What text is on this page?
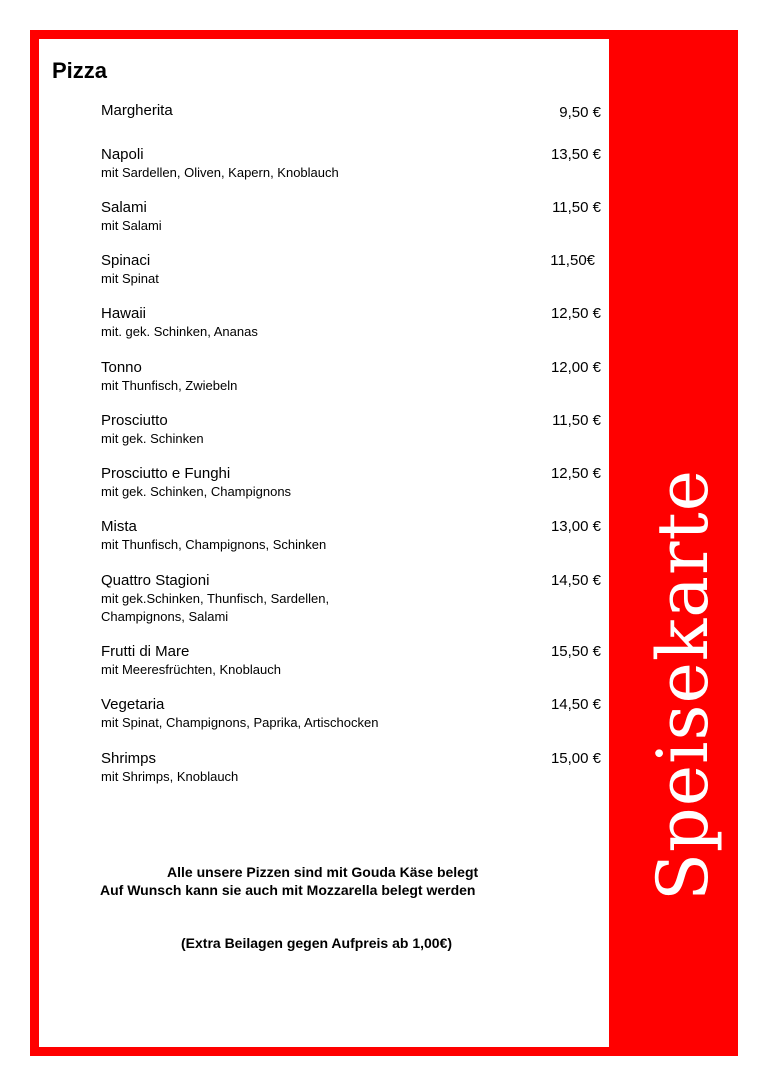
Pizza
Margherita	9,50 €
Napoli
mit Sardellen, Oliven, Kapern, Knoblauch
13,50 €
Salami
mit Salami
11,50 €
Spinaci
mit Spinat
11,50€
Hawaii
mit. gek. Schinken, Ananas
12,50 €
Tonno
mit Thunfisch, Zwiebeln
12,00 €
Prosciutto
mit gek. Schinken
11,50 €
Prosciutto e Funghi
mit gek. Schinken, Champignons
12,50 €
Mista
mit Thunfisch, Champignons, Schinken
13,00 €
Quattro Stagioni
mit gek.Schinken, Thunfisch, Sardellen, Champignons, Salami
14,50 €
Frutti di Mare
mit Meeresfrüchten, Knoblauch
15,50 €
Vegetaria
mit Spinat, Champignons, Paprika, Artischocken
14,50 €
Shrimps
mit Shrimps, Knoblauch
15,00 €
Alle unsere Pizzen sind mit Gouda Käse belegt
Auf Wunsch kann sie auch mit Mozzarella belegt werden
(Extra Beilagen gegen Aufpreis ab 1,00€)
Speisekarte
